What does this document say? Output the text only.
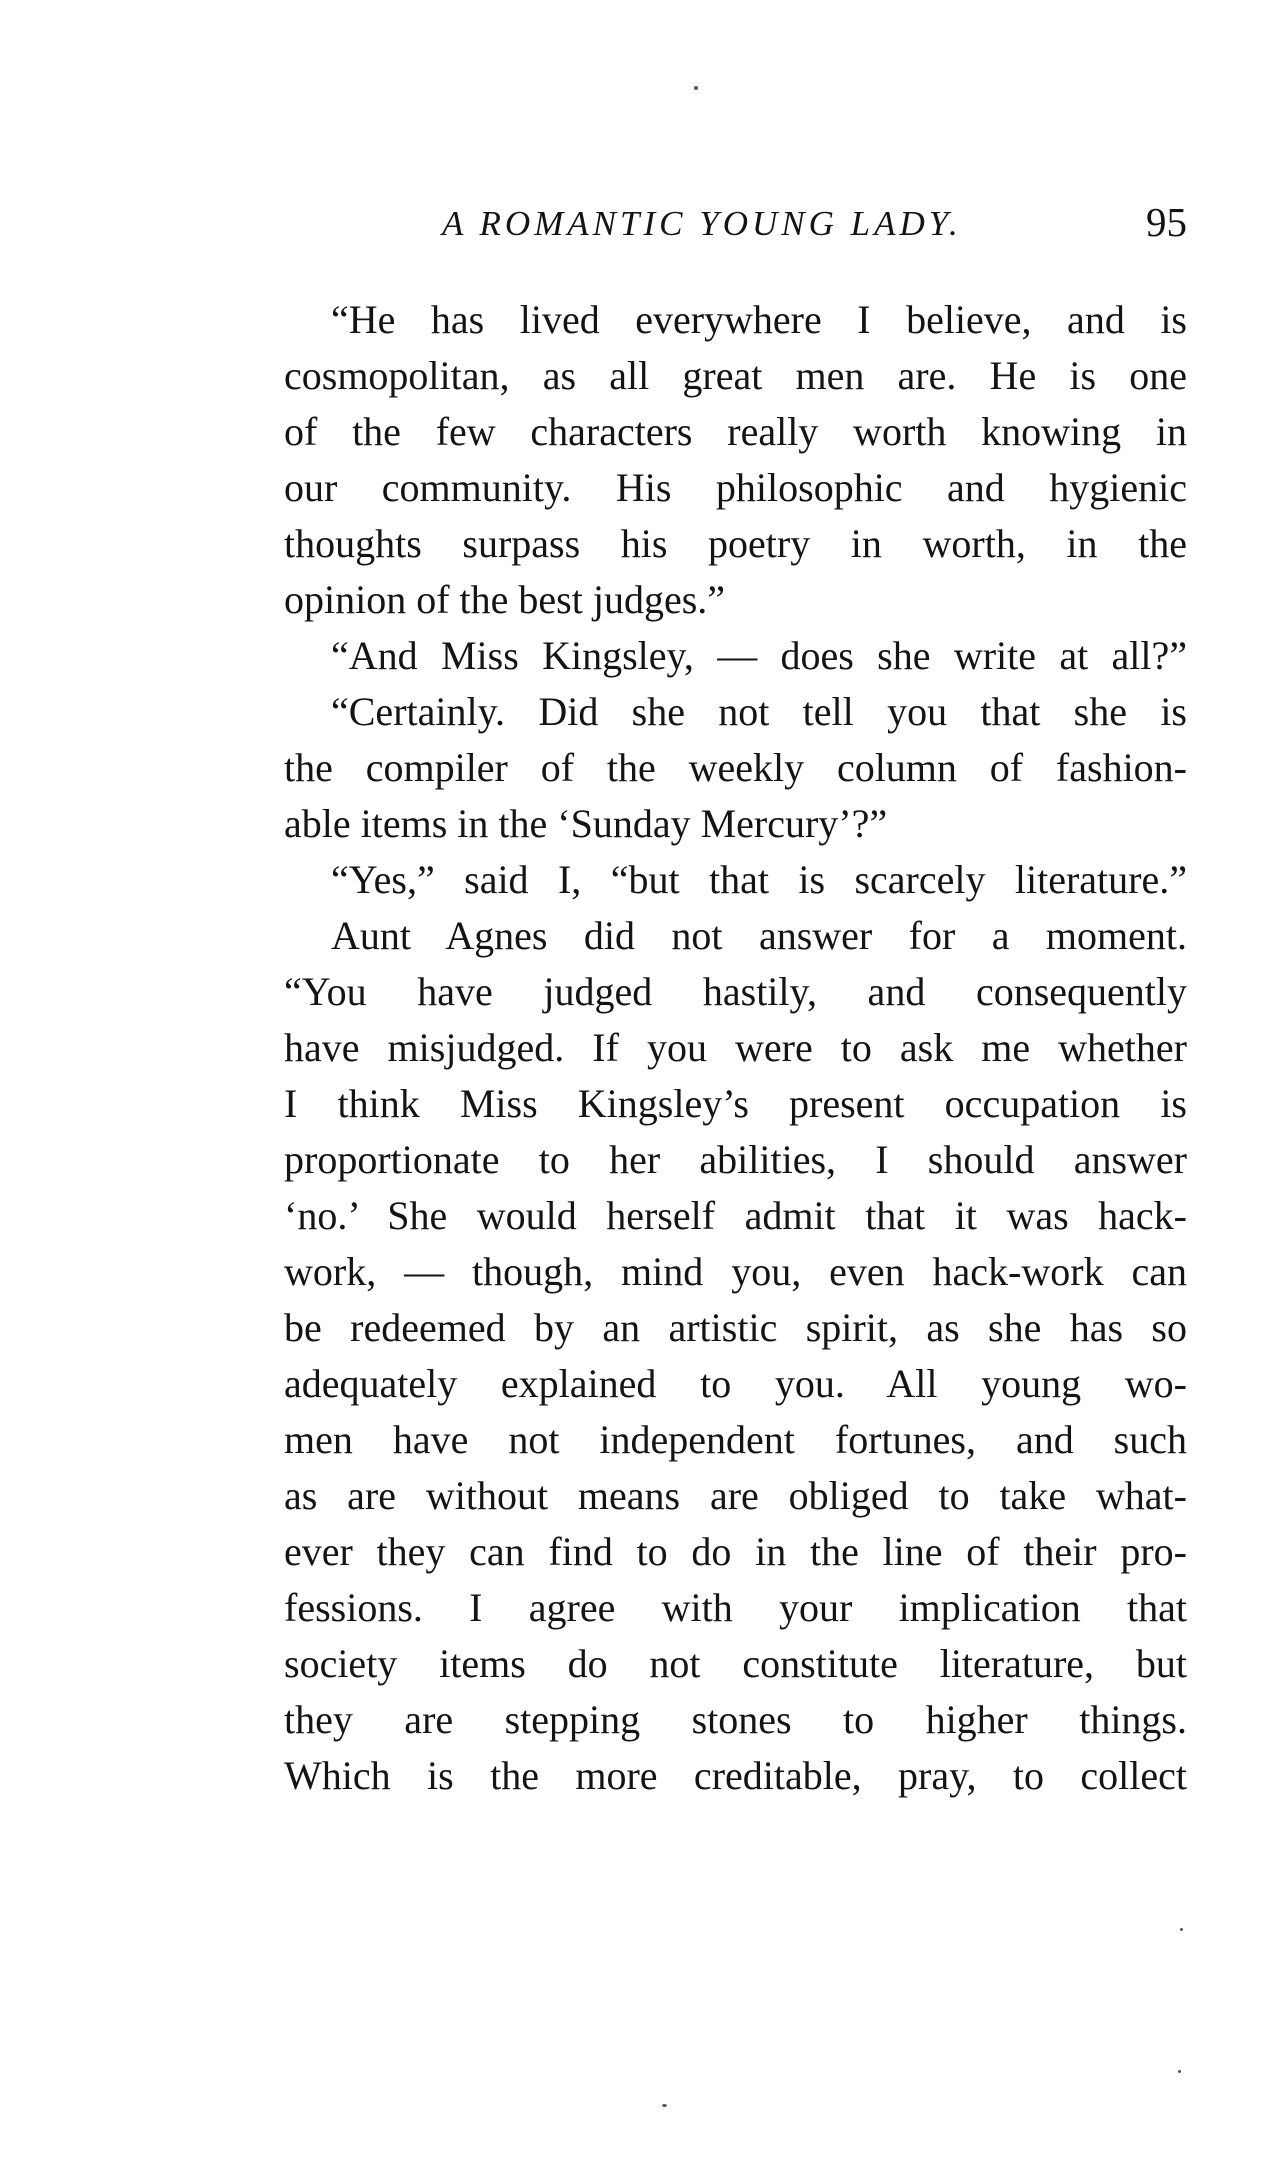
A ROMANTIC YOUNG LADY.	95
“He has lived everywhere I believe, and is
cosmopolitan, as all great men are. He is one
of the few characters really worth knowing in
our community. His philosophic and hygienic
thoughts surpass his poetry in worth, in the
opinion of the best judges.”
“And Miss Kingsley, — does she write at all?”
“Certainly. Did she not tell you that she is
the compiler of the weekly column of fashion-
able items in the ‘Sunday Mercury’?”
“Yes,” said I, “but that is scarcely literature.”
Aunt Agnes did not answer for a moment.
“You have judged hastily, and consequently
have misjudged. If you were to ask me whether
I think Miss Kingsley’s present occupation is
proportionate to her abilities, I should answer
‘no.’ She would herself admit that it was hack-
work, — though, mind you, even hack-work can
be redeemed by an artistic spirit, as she has so
adequately explained to you. All young wo-
men have not independent fortunes, and such
as are without means are obliged to take what-
ever they can find to do in the line of their pro-
fessions. I agree with your implication that
society items do not constitute literature, but
they are stepping stones to higher things.
Which is the more creditable, pray, to collect
